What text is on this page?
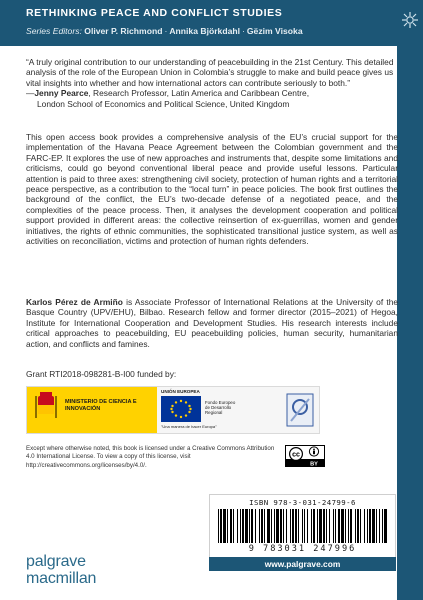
RETHINKING PEACE AND CONFLICT STUDIES
Series Editors: Oliver P. Richmond · Annika Björkdahl · Gëzim Visoka

“A truly original contribution to our understanding of peacebuilding in the 21st Century. This detailed analysis of the role of the European Union in Colombia’s struggle to make and build peace gives us vital insights into whether and how international actors can contribute seriously to both.”

—Jenny Pearce, Research Professor, Latin America and Caribbean Centre,
London School of Economics and Political Science, United Kingdom
This open access book provides a comprehensive analysis of the EU’s crucial support for the implementation of the Havana Peace Agreement between the Colombian government and the FARC-EP. It explores the use of new approaches and instruments that, despite some limitations and criticisms, could go beyond conventional liberal peace and provide useful lessons. Particular attention is paid to three axes: strengthening civil society, protection of human rights and a territorial peace perspective, as a contribution to the “local turn” in peace policies. The book first outlines the background of the conflict, the EU’s two-decade defense of a negotiated peace, and the complexities of the peace process. Then, it analyses the development cooperation and political support provided in different areas: the collective reinsertion of ex-guerrillas, women and gender initiatives, the rights of ethnic communities, the sophisticated transitional justice system, as well as activities on reconciliation, victims and protection of human rights defenders.
Karlos Pérez de Armiño is Associate Professor of International Relations at the University of the Basque Country (UPV/EHU), Bilbao. Research fellow and former director (2015–2021) of Hegoa, Institute for International Cooperation and Development Studies. His research interests include critical approaches to peacebuilding, EU peacebuilding policies, human security, humanitarian action, and conflicts and famines.
Grant RTI2018-098281-B-I00 funded by:
MINISTERIO DE CIENCIA E INNOVACIÓN
UNIÓN EUROPEA
Fondo Europeo de Desarrollo Regional
"Una manera de hacer Europa"
Except where otherwise noted, this book is licensed under a Creative Commons Attribution 4.0 International License. To view a copy of this license, visit http://creativecommons.org/licenses/by/4.0/.
cc
BY
ISBN 978-3-031-24799-6
9 783031 247996
www.palgrave.com
palgrave
macmillan
